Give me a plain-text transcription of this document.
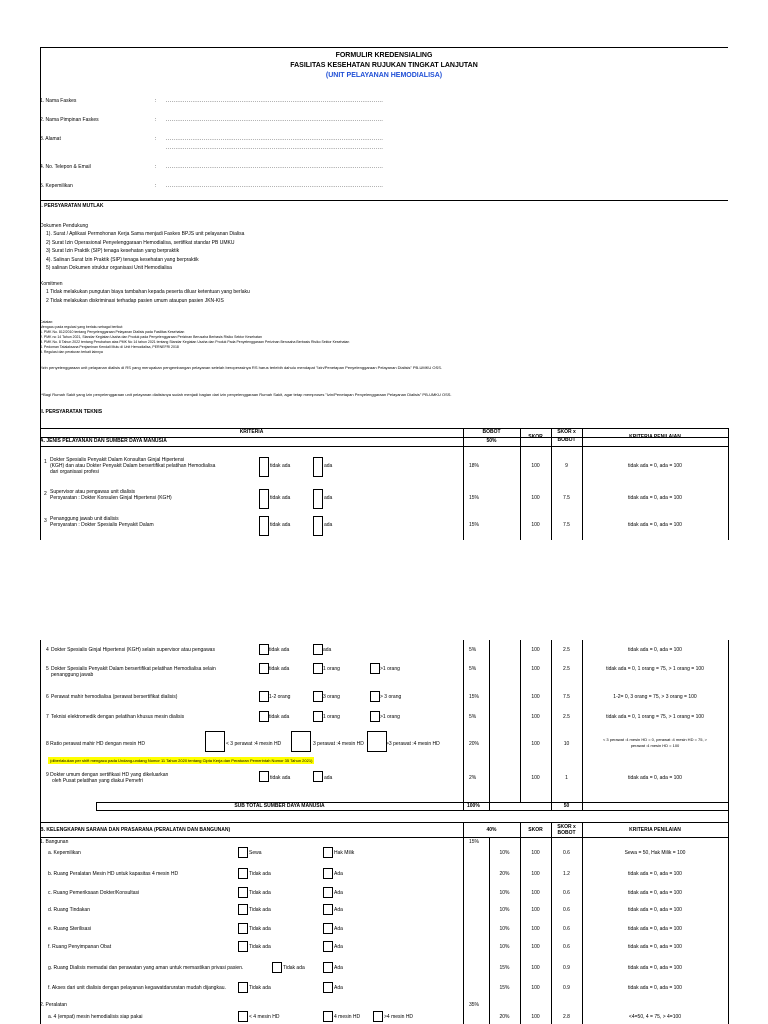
FORMULIR KREDENSIALING
FASILITAS KESEHATAN RUJUKAN TINGKAT LANJUTAN
(UNIT PELAYANAN HEMODIALISA)
1. Nama Faskes	: ...................................................................................................................
2. Nama Pimpinan Faskes	: ...................................................................................................................
3. Alamat	: ...................................................................................................................
4. No. Telepon & Email	: ...................................................................................................................
5. Kepemilikan	: ...................................................................................................................
...................................................................................................................
I. PERSYARATAN MUTLAK
Dokumen Pendukung
1). Surat / Aplikasi Permohonan Kerja Sama menjadi Faskes BPJS unit pelayanan Dialisa
2) Surat Izin Operasional Penyelenggaraan Hemodialisa, sertifikat standar PB UMKU
3) Surat Izin Praktik (SIP) tenaga kesehatan yang berpraktik
4). Salinan Surat Izin Praktik (SIP) tenaga kesehatan yang berpraktik
5) salinan Dokumen struktur organisasi Unit Hemodialisa
Komitmen
1 Tidak melakukan pungutan biaya tambahan kepada peserta diluar ketentuan yang berlaku
2 Tidak melakukan diskriminasi terhadap pasien umum ataupun pasien JKN-KIS
Catatan:
Mengacu pada regulasi yang berlaku sebagai berikut:
1. PMK No. 812/2010 tentang Penyelenggaraan Pelayanan Dialisis pada Fasilitas Kesehatan
2. PMK no 14 Tahun 2021, Standar Kegiatan Usaha dan Produk pada Penyelenggaraan Perizinan Berusaha Berbasis Risiko Sektor Kesehatan
3. PMK No. 8 Tahun 2022 tentang Perubahan atas PMK No 14 tahun 2021 tentang Standar Kegiatan Usaha dan Produk Pada Penyelenggaraan Perizinan Berusaha Berbasis Risiko Sektor Kesehatan
4. Pedoman Tatalaksana Penjaminan Kendali Mutu di Unit Hemodialisa, PERNEFRI 2018
5. Regulasi dan peraturan terkait lainnya
*Izin penyelenggaraan unit pelayanan dialisis di RS yang merupakan pengembangan pelayanan setelah beroperasinya RS harus terlebih dahulu mendapat "Izin/Penetapan Penyelenggaraan Pelayanan Dialisis" PB-UMKU OSS.
**Bagi Rumah Sakit yang Izin penyelenggaraan unit pelayanan dialisisnya sudah menjadi bagian dari izin penyelenggaraan Rumah Sakit, agar tetap memproses "Izin/Penetapan Penyelenggaraan Pelayanan Dialisis" PB-UMKU OSS.
II. PERSYARATAN TEKNIS
KRITERIA	BOBOT
SKOR
SKOR x
BOBOT	KRITERIA PENILAIAN
A. JENIS PELAYANAN DAN SUMBER DAYA MANUSIA	50%
1 Dokter Spesialis Penyakit Dalam Konsultan Ginjal Hipertensi
(KGH) dan atau Dokter Penyakit Dalam bersertifikat pelatihan Hemodialisa
dari organisasi profesi
tidak ada	ada	18%	100	9	tidak ada = 0, ada = 100
2 Supervisor atau pengawas unit dialisis
Persyaratan : Dokter Konsulen Ginjal Hipertensi (KGH)	tidak ada	ada	15%	100	7.5	tidak ada = 0, ada = 100
3 Penanggung jawab unit dialisis
Persyaratan : Dokter Spesialis Penyakit Dalam	tidak ada	ada	15%	100	7.5	tidak ada = 0, ada = 100
4 Dokter Spesialis Ginjal Hipertensi (KGH) selain supervisor atau pengawas	tidak ada	ada	5%	100	2.5	tidak ada = 0, ada = 100
5 Dokter Spesialis Penyakit Dalam bersertifikat pelatihan Hemodialisa selain
penanggung jawab
tidak ada	1 orang	>1 orang	5%	100	2.5	tidak ada = 0, 1 orang = 75, > 1 orang = 100
6 Perawat mahir hemodialisa (perawat bersertifikat dialisis)	1-2 orang	3 orang	> 3 orang	15%	100	7.5	1-2= 0, 3 orang = 75, > 3 orang = 100
7 Teknisi elektromedik dengan pelatihan khusus mesin dialisis	tidak ada	1 orang	>1 orang	5%	100	2.5	tidak ada = 0, 1 orang = 75, > 1 orang = 100
8 Ratio perawat mahir HD dengan mesin HD	< 3 perawat :4 mesin HD	3 perawat :4 mesin HD	>3 perawat :4 mesin HD	20%	100	10
< 3 perawat :4 mesin HD = 0, perawat :4 mesin HD = 75, >
perawat :4 mesin HD = 100
(diberlakukan per shift mengacu pada Undang-undang Nomor 11 Tahun 2020 tentang Cipta Kerja dan Peraturan Pemerintah Nomor 35 Tahun 2021)
9 Dokter umum dengan sertifikasi HD yang dikeluarkan
oleh Pusat pelatihan yang diakui Pernefri	tidak ada	ada	2%	100	1	tidak ada = 0, ada = 100
SUB TOTAL SUMBER DAYA MANUSIA	100%	50
B. KELENGKAPAN SARANA DAN PRASARANA (PERALATAN DAN BANGUNAN)	40%	SKOR	SKOR x
BOBOT	KRITERIA PENILAIAN
1. Bangunan	15%
a. Kepemilikan	Sewa	Hak Milik	10%	100	0.6	Sewa = 50, Hak Milik = 100
b. Ruang Peralatan Mesin HD untuk kapasitas 4 mesin HD	Tidak ada	Ada	20%	100	1.2	tidak ada = 0, ada = 100
c. Ruang Pemeriksaan Dokter/Konsultasi	Tidak ada	Ada	10%	100	0.6	tidak ada = 0, ada = 100
d. Ruang Tindakan	Tidak ada	Ada	10%	100	0.6	tidak ada = 0, ada = 100
e. Ruang Sterilisasi	Tidak ada	Ada	10%	100	0.6	tidak ada = 0, ada = 100
f. Ruang Penyimpanan Obat	Tidak ada	Ada	10%	100	0.6	tidak ada = 0, ada = 100
g. Ruang Dialisis memadai dan perawatan yang aman untuk memastikan privasi pasien.	Tidak ada	Ada	15%	100	0.9	tidak ada = 0, ada = 100
f. Akses dari unit dialisis dengan pelayanan kegawatdaruratan mudah dijangkau.	Tidak ada	Ada	15%	100	0.9	tidak ada = 0, ada = 100
2. Peralatan	35%
a. 4 (empat) mesin hemodialisis siap pakai	< 4 mesin HD	4 mesin HD	>4 mesin HD	20%	100	2.8	<4=50, 4 = 75, > 4=100
